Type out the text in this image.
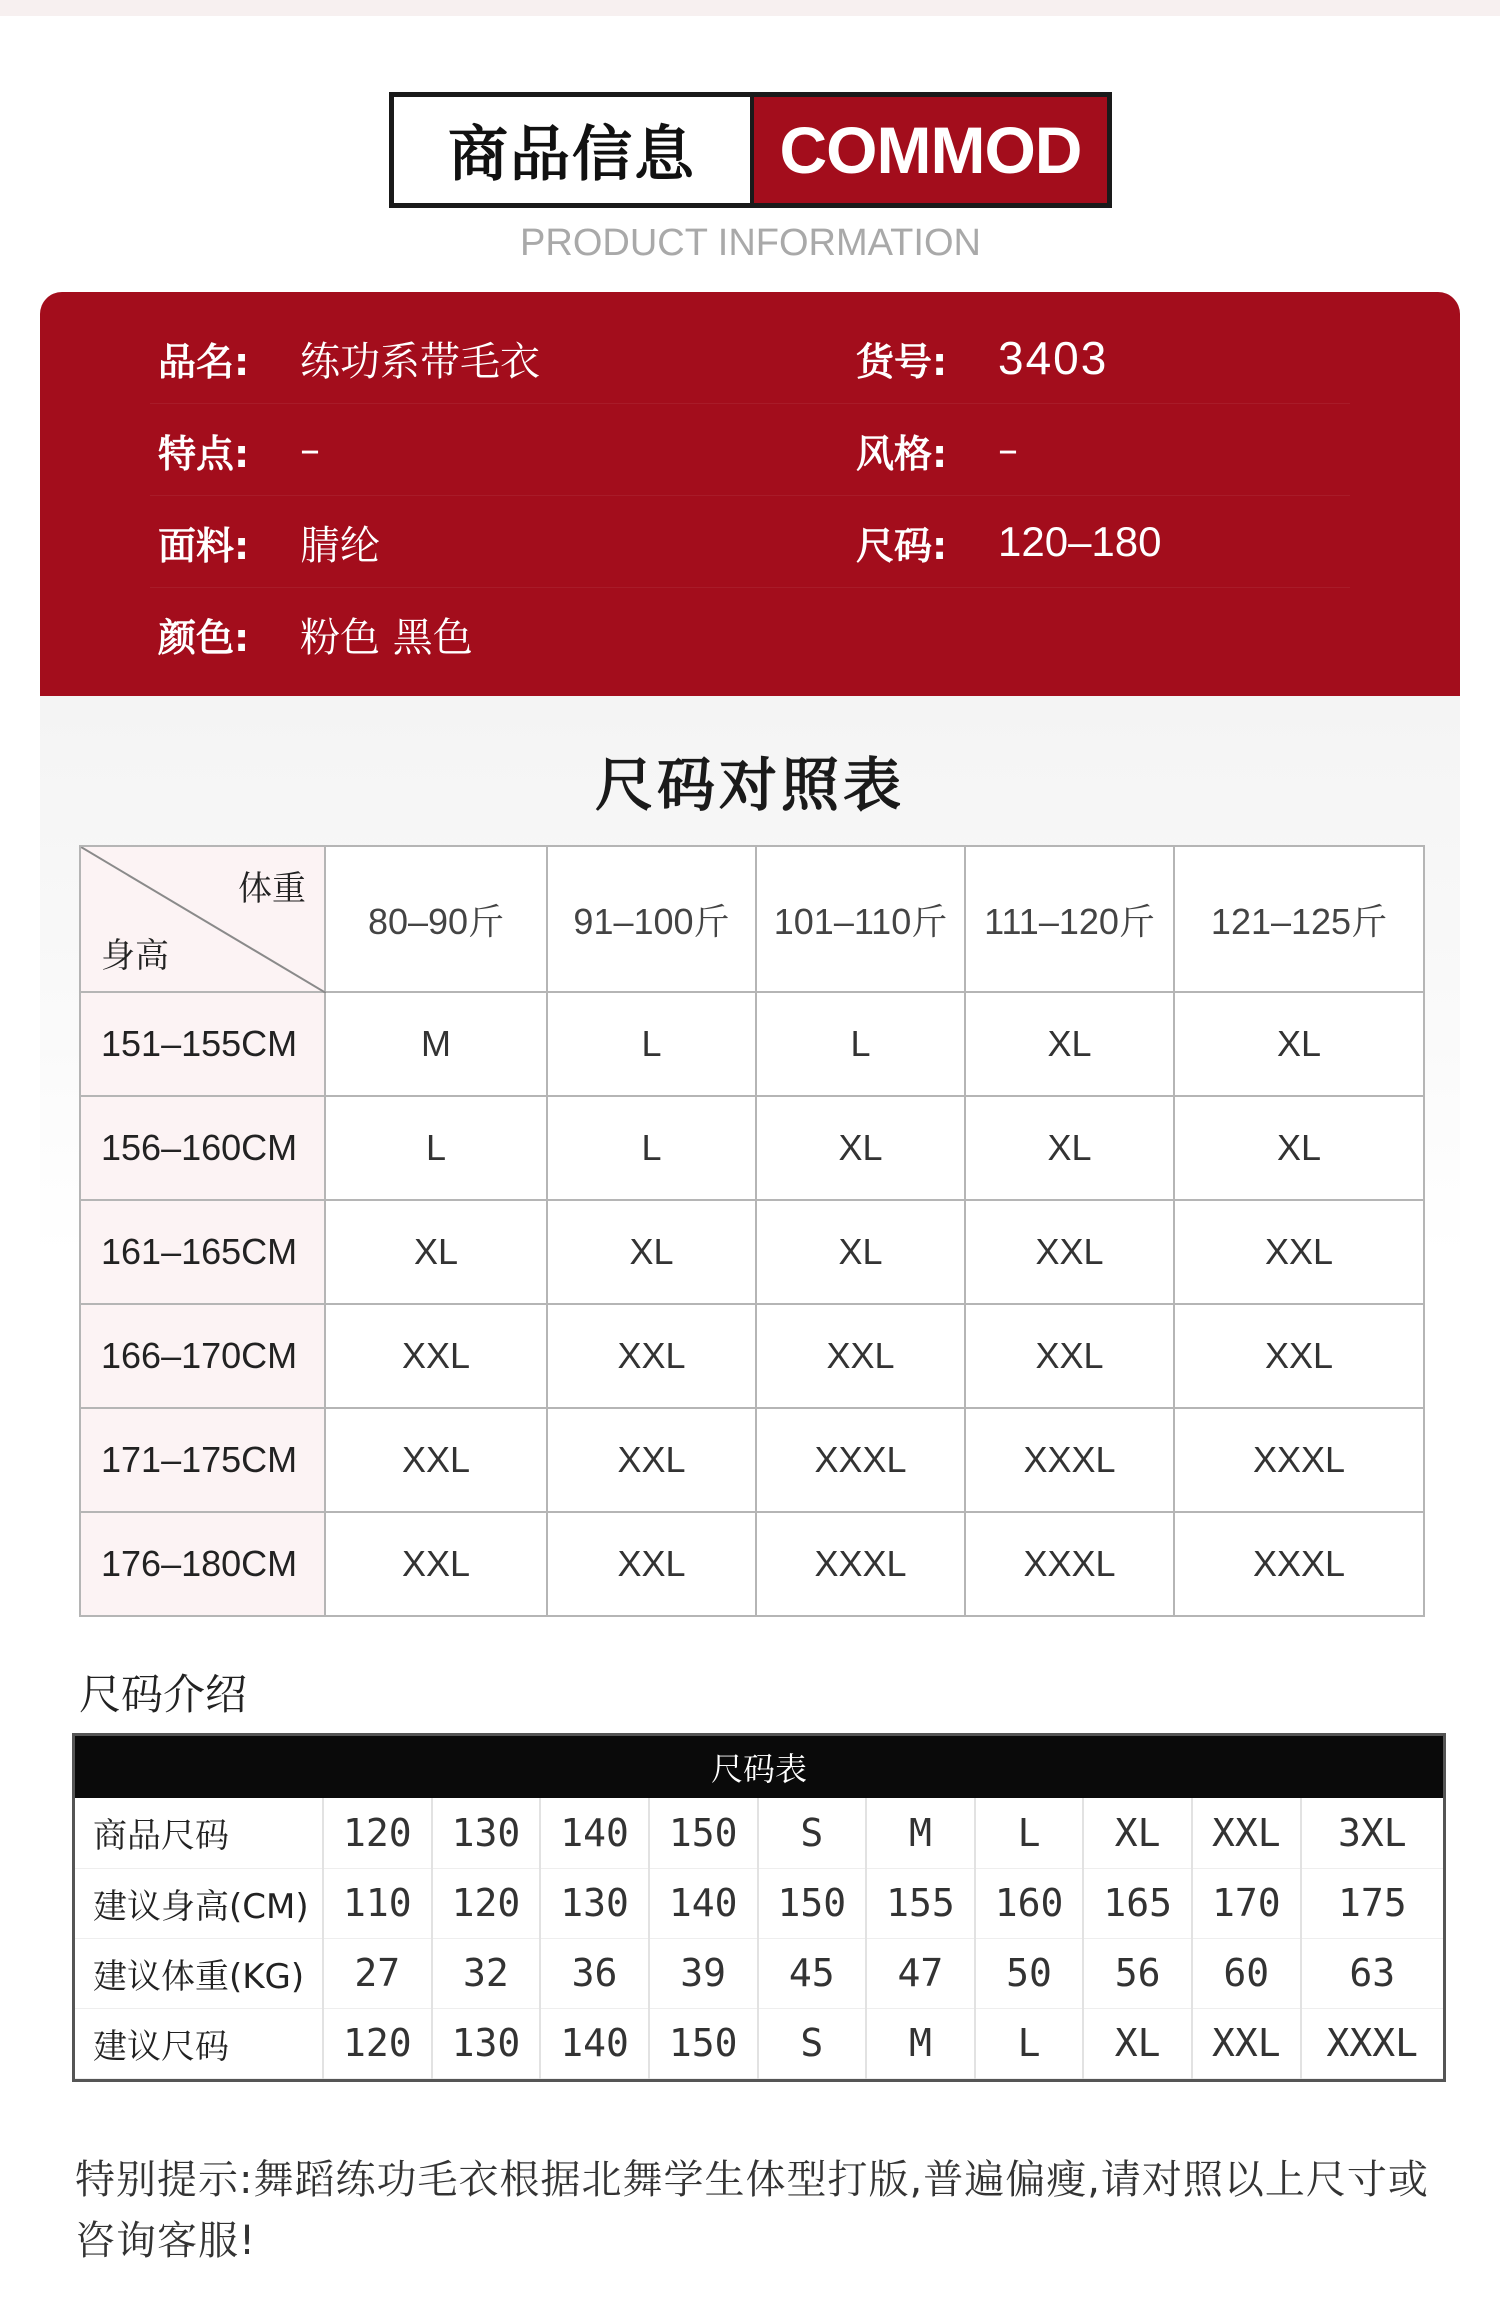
商品信息	COMMOD
PRODUCT INFORMATION
品名: 练功系带毛衣	货号: 3403
特点: –	风格: –
面料: 腈纶	尺码: 120–180
颜色: 粉色 黑色
尺码对照表
体重
身高	80–90斤	91–100斤	101–110斤	111–120斤	121–125斤
151–155CM	M	L	L	XL	XL
156–160CM	L	L	XL	XL	XL
161–165CM	XL	XL	XL	XXL	XXL
166–170CM	XXL	XXL	XXL	XXL	XXL
171–175CM	XXL	XXL	XXXL	XXXL	XXXL
176–180CM	XXL	XXL	XXXL	XXXL	XXXL
尺码介绍
尺码表
商品尺码	120	130	140	150	S	M	L	XL	XXL	3XL
建议身高(CM)	110	120	130	140	150	155	160	165	170	175
建议体重(KG)	27	32	36	39	45	47	50	56	60	63
建议尺码	120	130	140	150	S	M	L	XL	XXL	XXXL
特别提示:舞蹈练功毛衣根据北舞学生体型打版,普遍偏瘦,请对照以上尺寸或咨询客服!
